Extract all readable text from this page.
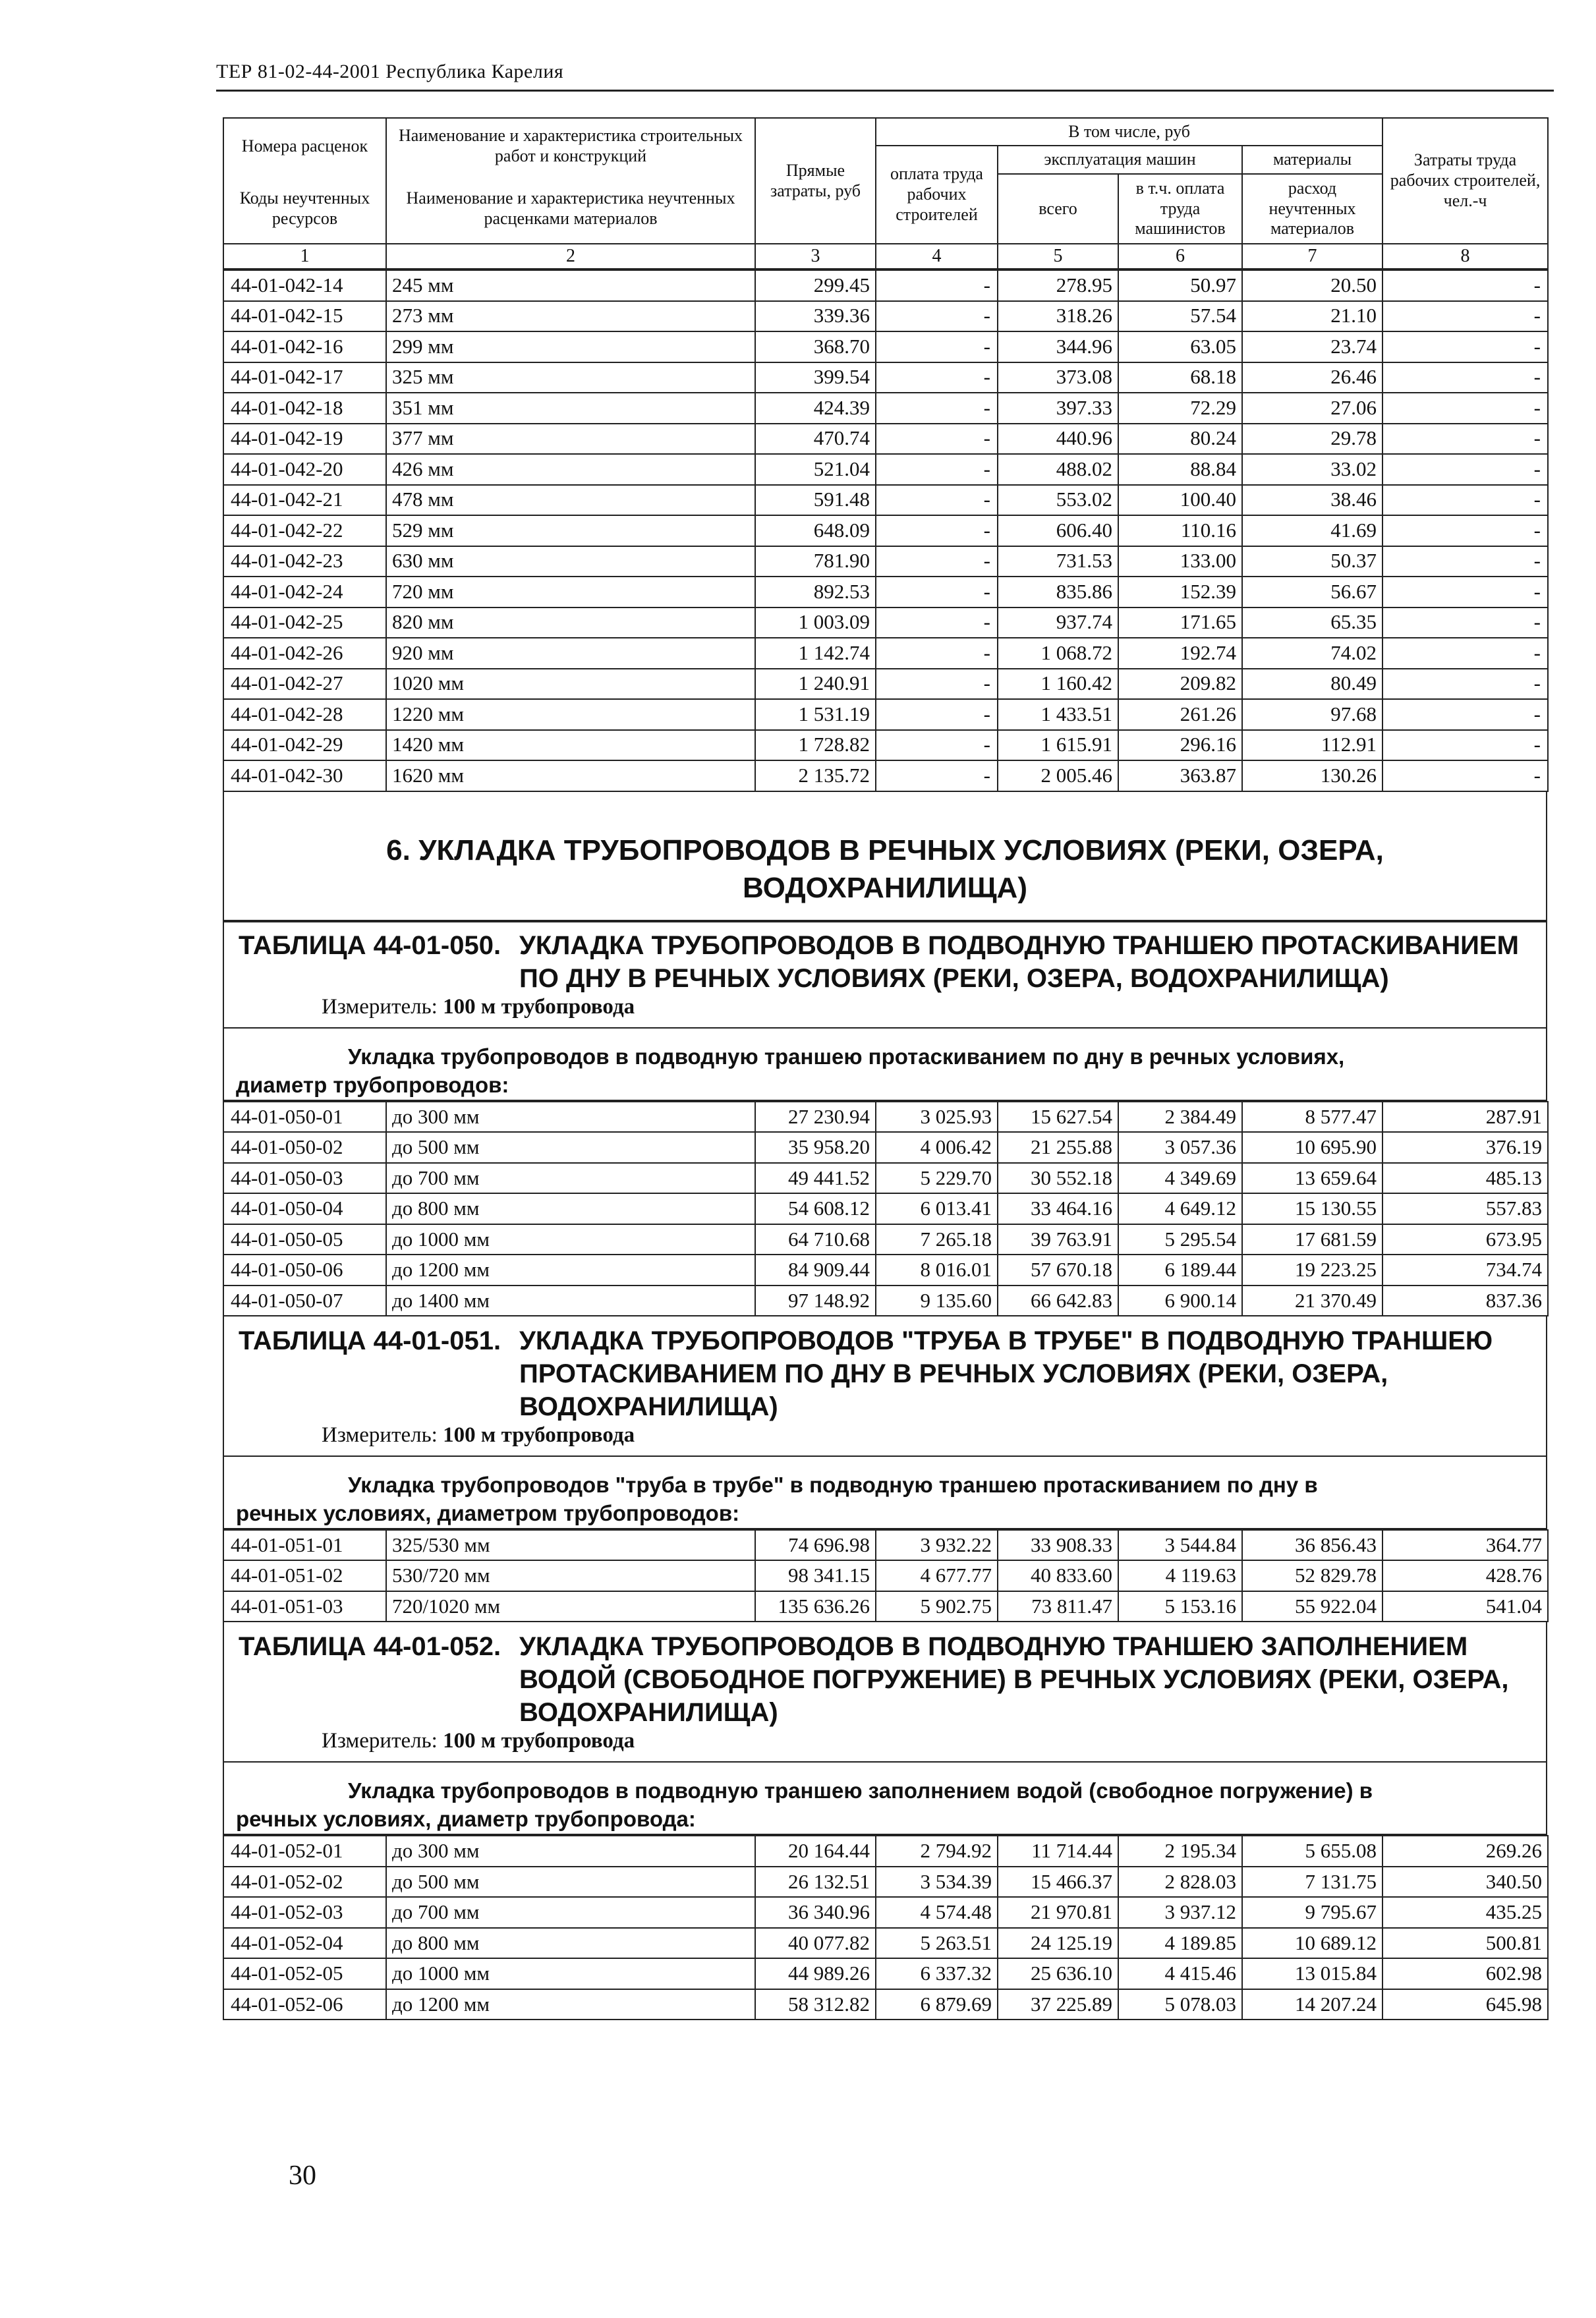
ТЕР 81-02-44-2001 Республика Карелия
Номера расценок	Наименование и характеристика строительных работ и конструкций	Прямые затраты, руб	В том числе, руб				Затраты труда рабочих строителей, чел.-ч
			оплата труда рабочих строителей	эксплуатация машин		материалы	
Коды неучтенных ресурсов	Наименование и характеристика неучтенных расценками материалов			всего	в т.ч. оплата труда машинистов	расход неучтенных материалов	

1	2	3	4	5	6	7	8
44-01-042-14	245 мм	299.45	-	278.95	50.97	20.50	-
44-01-042-15	273 мм	339.36	-	318.26	57.54	21.10	-
44-01-042-16	299 мм	368.70	-	344.96	63.05	23.74	-
44-01-042-17	325 мм	399.54	-	373.08	68.18	26.46	-
44-01-042-18	351 мм	424.39	-	397.33	72.29	27.06	-
44-01-042-19	377 мм	470.74	-	440.96	80.24	29.78	-
44-01-042-20	426 мм	521.04	-	488.02	88.84	33.02	-
44-01-042-21	478 мм	591.48	-	553.02	100.40	38.46	-
44-01-042-22	529 мм	648.09	-	606.40	110.16	41.69	-
44-01-042-23	630 мм	781.90	-	731.53	133.00	50.37	-
44-01-042-24	720 мм	892.53	-	835.86	152.39	56.67	-
44-01-042-25	820 мм	1 003.09	-	937.74	171.65	65.35	-
44-01-042-26	920 мм	1 142.74	-	1 068.72	192.74	74.02	-
44-01-042-27	1020 мм	1 240.91	-	1 160.42	209.82	80.49	-
44-01-042-28	1220 мм	1 531.19	-	1 433.51	261.26	97.68	-
44-01-042-29	1420 мм	1 728.82	-	1 615.91	296.16	112.91	-
44-01-042-30	1620 мм	2 135.72	-	2 005.46	363.87	130.26	-
6. УКЛАДКА ТРУБОПРОВОДОВ В РЕЧНЫХ УСЛОВИЯХ (РЕКИ, ОЗЕРА, ВОДОХРАНИЛИЩА)
ТАБЛИЦА 44-01-050. УКЛАДКА ТРУБОПРОВОДОВ В ПОДВОДНУЮ ТРАНШЕЮ ПРОТАСКИВАНИЕМ ПО ДНУ В РЕЧНЫХ УСЛОВИЯХ (РЕКИ, ОЗЕРА, ВОДОХРАНИЛИЩА)
Измеритель: 100 м трубопровода
Укладка трубопроводов в подводную траншею протаскиванием по дну в речных условиях,
диаметр трубопроводов:
44-01-050-01	до 300 мм	27 230.94	3 025.93	15 627.54	2 384.49	8 577.47	287.91
44-01-050-02	до 500 мм	35 958.20	4 006.42	21 255.88	3 057.36	10 695.90	376.19
44-01-050-03	до 700 мм	49 441.52	5 229.70	30 552.18	4 349.69	13 659.64	485.13
44-01-050-04	до 800 мм	54 608.12	6 013.41	33 464.16	4 649.12	15 130.55	557.83
44-01-050-05	до 1000 мм	64 710.68	7 265.18	39 763.91	5 295.54	17 681.59	673.95
44-01-050-06	до 1200 мм	84 909.44	8 016.01	57 670.18	6 189.44	19 223.25	734.74
44-01-050-07	до 1400 мм	97 148.92	9 135.60	66 642.83	6 900.14	21 370.49	837.36
ТАБЛИЦА 44-01-051. УКЛАДКА ТРУБОПРОВОДОВ "ТРУБА В ТРУБЕ" В ПОДВОДНУЮ ТРАНШЕЮ ПРОТАСКИВАНИЕМ ПО ДНУ В РЕЧНЫХ УСЛОВИЯХ (РЕКИ, ОЗЕРА, ВОДОХРАНИЛИЩА)
Измеритель: 100 м трубопровода
Укладка трубопроводов "труба в трубе" в подводную траншею протаскиванием по дну в
речных условиях, диаметром трубопроводов:
44-01-051-01	325/530 мм	74 696.98	3 932.22	33 908.33	3 544.84	36 856.43	364.77
44-01-051-02	530/720 мм	98 341.15	4 677.77	40 833.60	4 119.63	52 829.78	428.76
44-01-051-03	720/1020 мм	135 636.26	5 902.75	73 811.47	5 153.16	55 922.04	541.04
ТАБЛИЦА 44-01-052. УКЛАДКА ТРУБОПРОВОДОВ В ПОДВОДНУЮ ТРАНШЕЮ ЗАПОЛНЕНИЕМ ВОДОЙ (СВОБОДНОЕ ПОГРУЖЕНИЕ) В РЕЧНЫХ УСЛОВИЯХ (РЕКИ, ОЗЕРА, ВОДОХРАНИЛИЩА)
Измеритель: 100 м трубопровода
Укладка трубопроводов в подводную траншею заполнением водой (свободное погружение) в
речных условиях, диаметр трубопровода:
44-01-052-01	до 300 мм	20 164.44	2 794.92	11 714.44	2 195.34	5 655.08	269.26
44-01-052-02	до 500 мм	26 132.51	3 534.39	15 466.37	2 828.03	7 131.75	340.50
44-01-052-03	до 700 мм	36 340.96	4 574.48	21 970.81	3 937.12	9 795.67	435.25
44-01-052-04	до 800 мм	40 077.82	5 263.51	24 125.19	4 189.85	10 689.12	500.81
44-01-052-05	до 1000 мм	44 989.26	6 337.32	25 636.10	4 415.46	13 015.84	602.98
44-01-052-06	до 1200 мм	58 312.82	6 879.69	37 225.89	5 078.03	14 207.24	645.98
30
